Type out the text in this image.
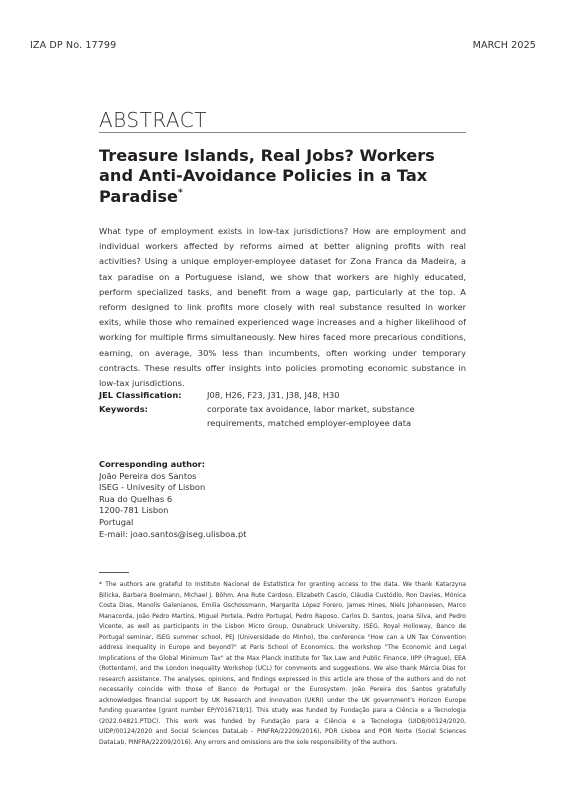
IZA DP No. 17799	MARCH 2025
ABSTRACT
Treasure Islands, Real Jobs? Workers and Anti-Avoidance Policies in a Tax Paradise*

What type of employment exists in low-tax jurisdictions? How are employment and individual workers affected by reforms aimed at better aligning profits with real activities? Using a unique employer-employee dataset for Zona Franca da Madeira, a tax paradise on a Portuguese island, we show that workers are highly educated, perform specialized tasks, and benefit from a wage gap, particularly at the top. A reform designed to link profits more closely with real substance resulted in worker exits, while those who remained experienced wage increases and a higher likelihood of working for multiple firms simultaneously. New hires faced more precarious conditions, earning, on average, 30% less than incumbents, often working under temporary contracts. These results offer insights into policies promoting economic substance in low-tax jurisdictions.

JEL Classification:	J08, H26, F23, J31, J38, J48, H30
Keywords:	corporate tax avoidance, labor market, substance requirements, matched employer-employee data
Corresponding author:
João Pereira dos Santos
ISEG - Univesity of Lisbon
Rua do Quelhas 6
1200-781 Lisbon
Portugal
E-mail: joao.santos@iseg.ulisboa.pt

* The authors are grateful to Instituto Nacional de Estatística for granting access to the data. We thank Katarzyna Bilicka, Barbara Boelmann, Michael J. Böhm, Ana Rute Cardoso, Elizabeth Cascio, Cláudia Custódio, Ron Davies, Mónica Costa Dias, Manolis Galenianos, Emilia Gschossmann, Margarita López Forero, James Hines, Niels Johannesen, Marco Manacorda, João Pedro Martins, Miguel Portela, Pedro Portugal, Pedro Raposo, Carlos D. Santos, Joana Silva, and Pedro Vicente, as well as participants in the Lisbon Micro Group, Osnabruck University, ISEG, Royal Holloway, Banco de Portugal seminar, ISEG summer school, PEJ (Universidade do Minho), the conference "How can a UN Tax Convention address inequality in Europe and beyond?" at Paris School of Economics, the workshop "The Economic and Legal Implications of the Global Minimum Tax" at the Max Planck Institute for Tax Law and Public Finance, IIPP (Prague), EEA (Rotterdam), and the London Inequality Workshop (UCL) for comments and suggestions. We also thank Márcia Dias for research assistance. The analyses, opinions, and findings expressed in this article are those of the authors and do not necessarily coincide with those of Banco de Portugal or the Eurosystem. João Pereira dos Santos gratefully acknowledges financial support by UK Research and Innovation (UKRI) under the UK government's Horizon Europe funding guarantee [grant number EP/Y016718/1]. This study was funded by Fundação para a Ciência e a Tecnologia (2022.04821.PTDC). This work was funded by Fundação para a Ciência e a Tecnologia (UIDB/00124/2020, UIDP/00124/2020 and Social Sciences DataLab - PINFRA/22209/2016), PDR Lisboa and POR Norte (Social Sciences DataLab, PINFRA/22209/2016). Any errors and omissions are the sole responsibility of the authors.
